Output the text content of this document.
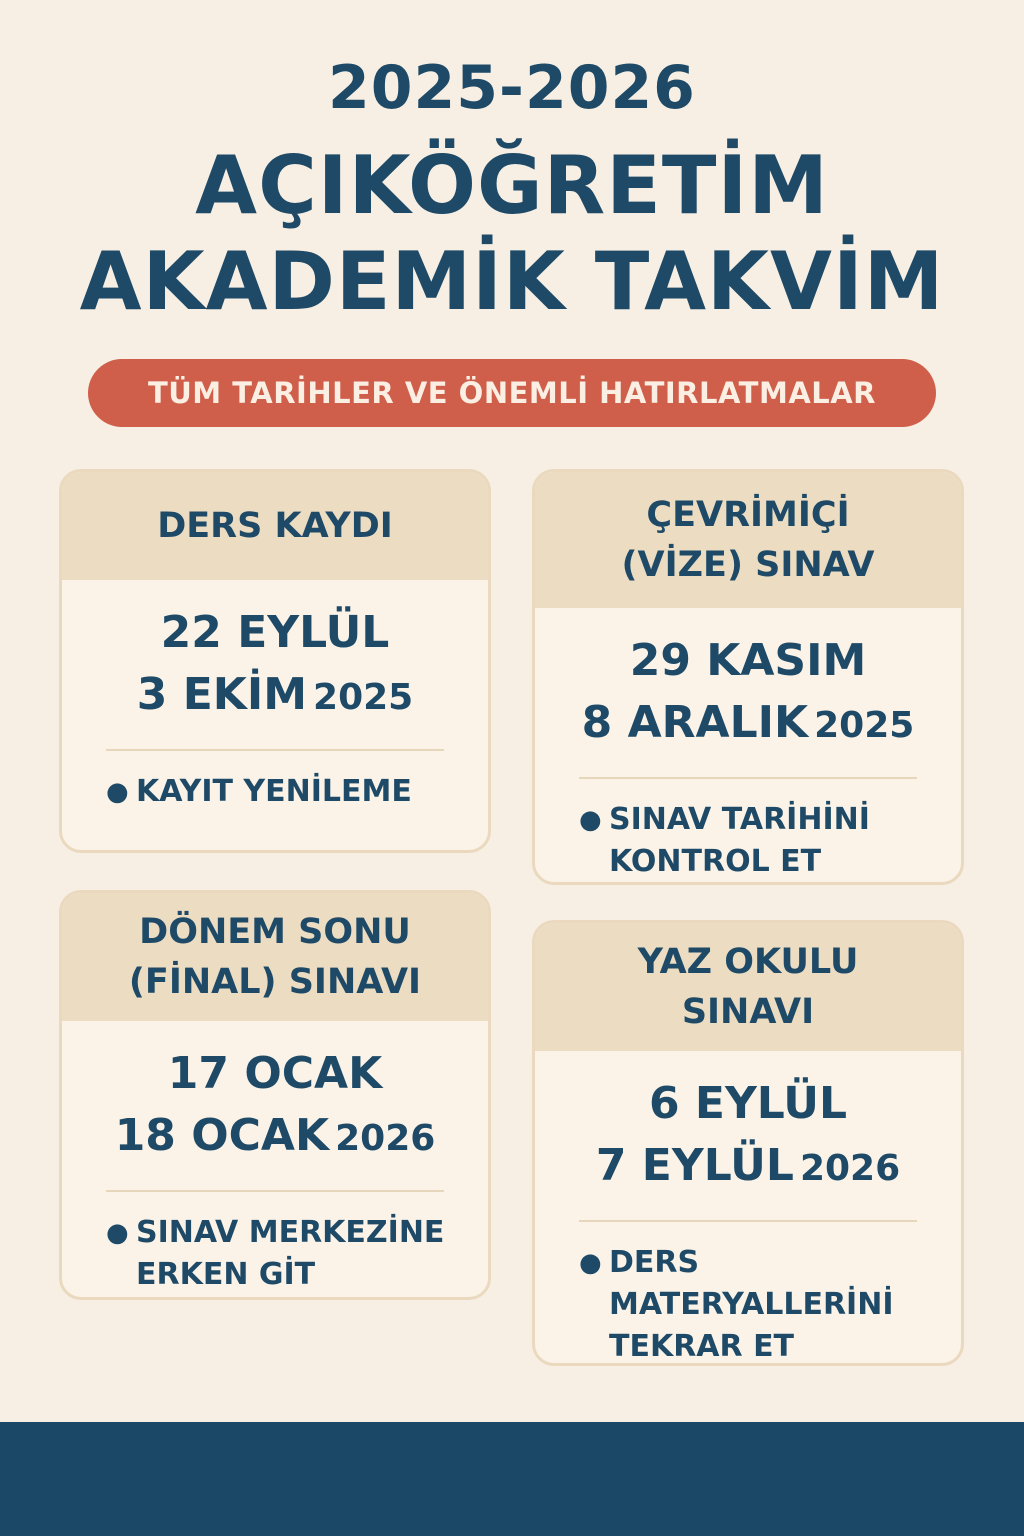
2025-2026
AÇIKÖĞRETİM
AKADEMİK TAKVİM
TÜM TARİHLER VE ÖNEMLİ HATIRLATMALAR
DERS KAYDI
22 EYLÜL
3 EKİM 2025
● KAYIT YENİLEME
ÇEVRİMİÇİ
(VİZE) SINAV
29 KASIM
8 ARALIK 2025
● SINAV TARİHİNİ
KONTROL ET
DÖNEM SONU
(FİNAL) SINAVI
17 OCAK
18 OCAK 2026
● SINAV MERKEZİNE
ERKEN GİT
YAZ OKULU
SINAVI
6 EYLÜL
7 EYLÜL 2026
● DERS
MATERYALLERİNİ
TEKRAR ET
